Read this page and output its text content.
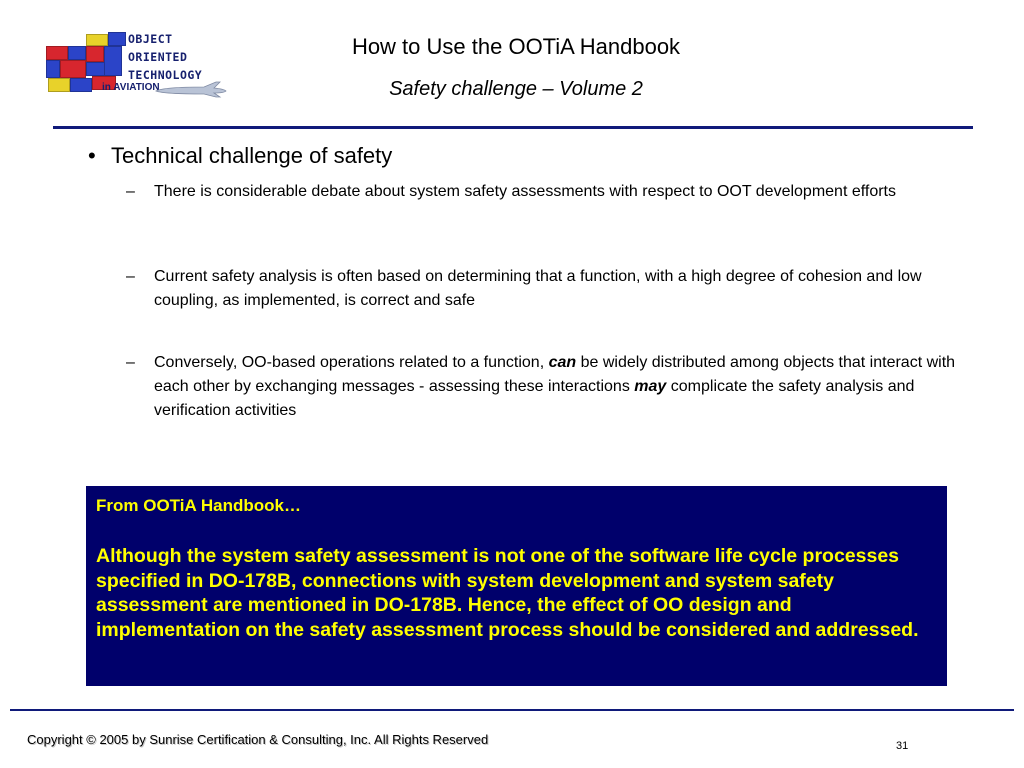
OBJECT
ORIENTED
TECHNOLOGY
in AVIATION
How to Use the OOTiA Handbook
Safety challenge – Volume 2
• Technical challenge of safety
– There is considerable debate about system safety assessments with respect to OOT development efforts
– Current safety analysis is often based on determining that a function, with a high degree of cohesion and low coupling, as implemented, is correct and safe
– Conversely, OO-based operations related to a function, can be widely distributed among objects that interact with each other by exchanging messages - assessing these interactions may complicate the safety analysis and verification activities
From OOTiA Handbook…
Although the system safety assessment is not one of the software life cycle processes specified in DO-178B, connections with system development and system safety assessment are mentioned in DO-178B. Hence, the effect of OO design and implementation on the safety assessment process should be considered and addressed.
Copyright © 2005 by Sunrise Certification & Consulting, Inc. All Rights Reserved	31
